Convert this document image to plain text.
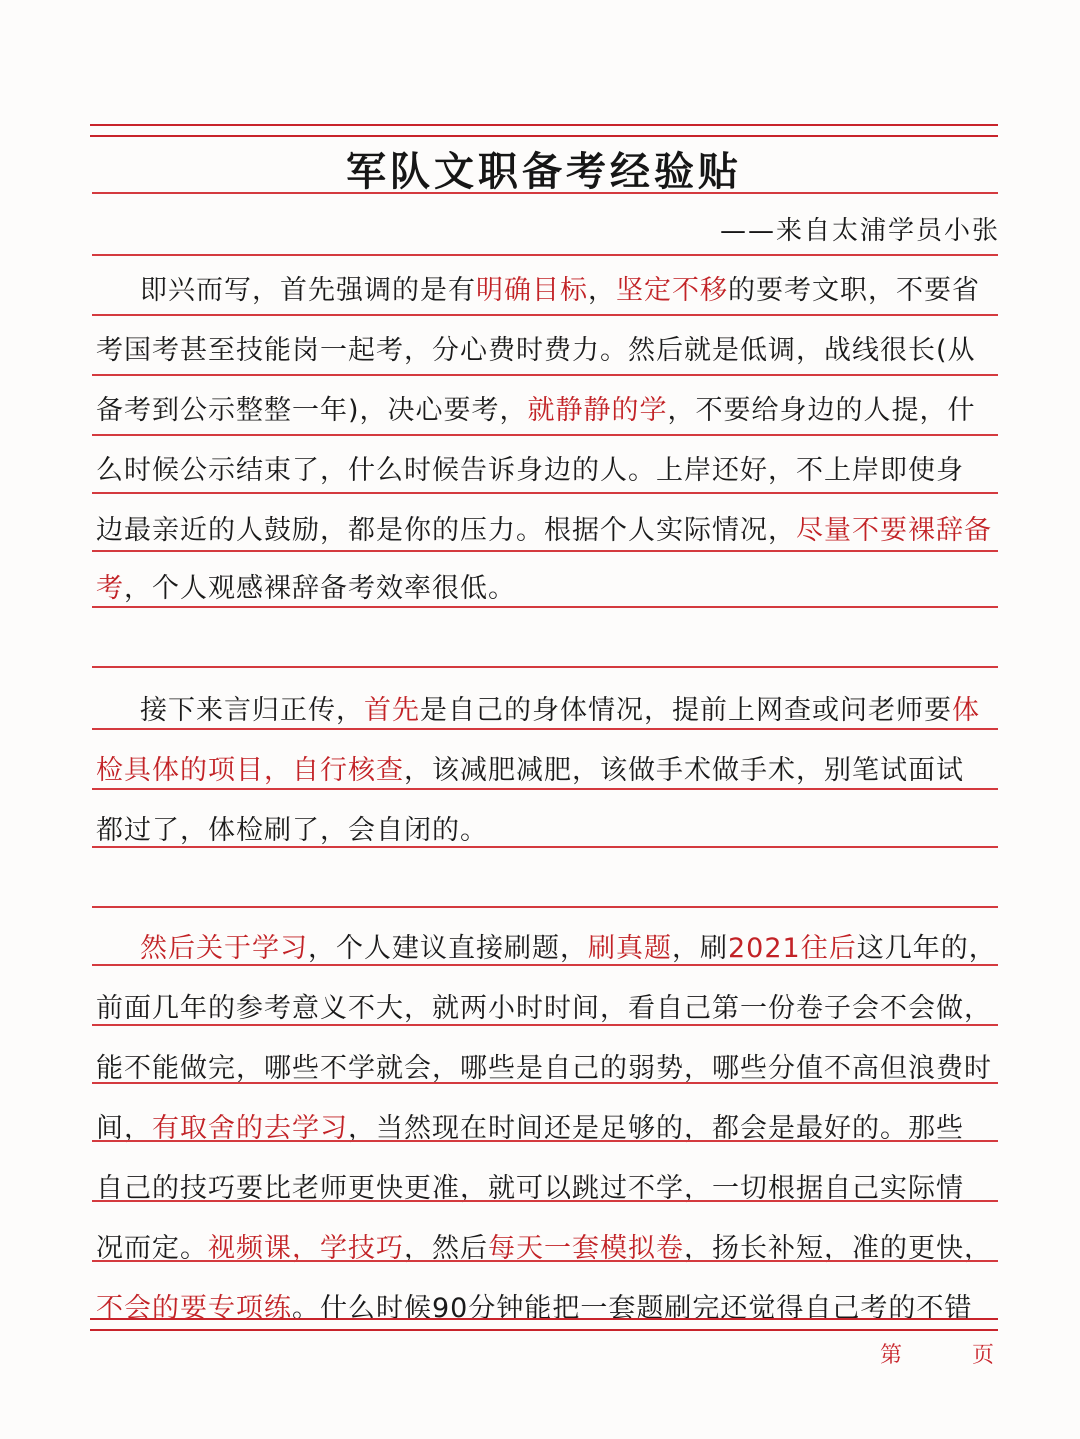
军队文职备考经验贴
——来自太浦学员小张
即兴而写，首先强调的是有明确目标，坚定不移的要考文职，不要省
考国考甚至技能岗一起考，分心费时费力。然后就是低调，战线很长(从
备考到公示整整一年)，决心要考，就静静的学，不要给身边的人提，什
么时候公示结束了，什么时候告诉身边的人。上岸还好，不上岸即使身
边最亲近的人鼓励，都是你的压力。根据个人实际情况，尽量不要裸辞备
考，个人观感裸辞备考效率很低。
接下来言归正传，首先是自己的身体情况，提前上网查或问老师要体
检具体的项目，自行核查，该减肥减肥，该做手术做手术，别笔试面试
都过了，体检刷了，会自闭的。
然后关于学习，个人建议直接刷题，刷真题，刷2021往后这几年的，
前面几年的参考意义不大，就两小时时间，看自己第一份卷子会不会做，
能不能做完，哪些不学就会，哪些是自己的弱势，哪些分值不高但浪费时
间，有取舍的去学习，当然现在时间还是足够的，都会是最好的。那些
自己的技巧要比老师更快更准，就可以跳过不学，一切根据自己实际情
况而定。视频课，学技巧，然后每天一套模拟卷，扬长补短，准的更快，
不会的要专项练。什么时候90分钟能把一套题刷完还觉得自己考的不错
第	页
